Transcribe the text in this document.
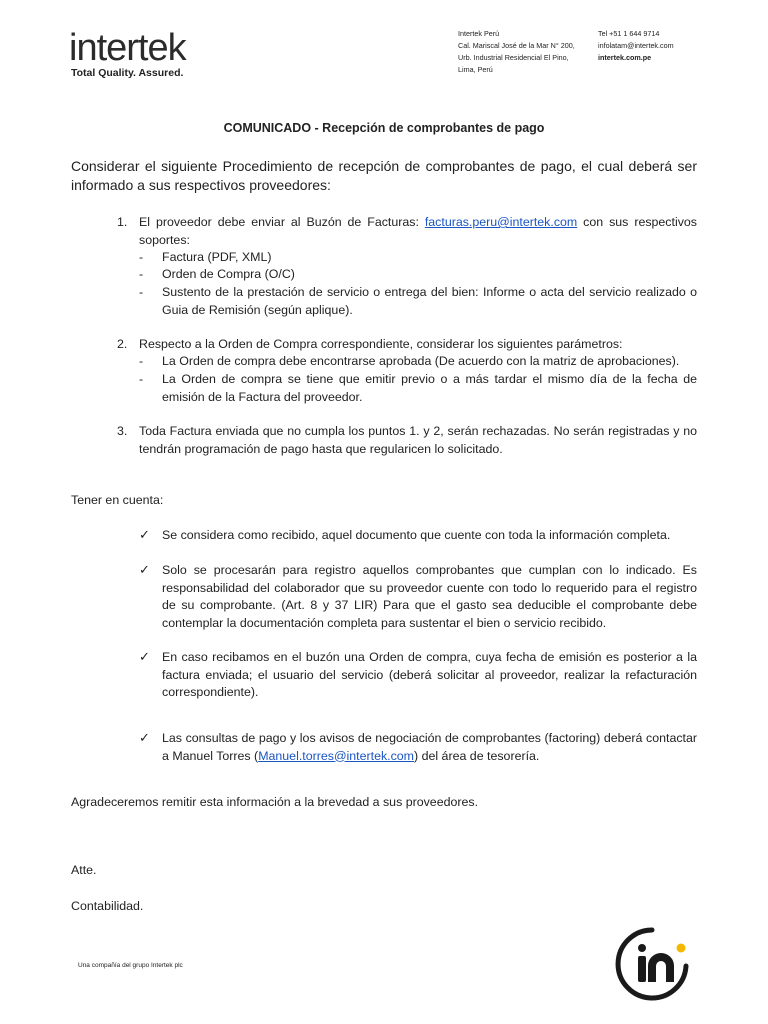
intertek
Total Quality. Assured.
Intertek Perú
Cal. Mariscal José de la Mar N° 200,
Urb. Industrial Residencial El Pino,
Lima, Perú
Tel +51 1 644 9714
infolatam@intertek.com
intertek.com.pe
COMUNICADO - Recepción de comprobantes de pago
Considerar el siguiente Procedimiento de recepción de comprobantes de pago, el cual deberá ser informado a sus respectivos proveedores:
1. El proveedor debe enviar al Buzón de Facturas: facturas.peru@intertek.com con sus respectivos soportes:
- Factura (PDF, XML)
- Orden de Compra (O/C)
- Sustento de la prestación de servicio o entrega del bien: Informe o acta del servicio realizado o Guia de Remisión (según aplique).
2. Respecto a la Orden de Compra correspondiente, considerar los siguientes parámetros:
- La Orden de compra debe encontrarse aprobada (De acuerdo con la matriz de aprobaciones).
- La Orden de compra se tiene que emitir previo o a más tardar el mismo día de la fecha de emisión de la Factura del proveedor.
3. Toda Factura enviada que no cumpla los puntos 1. y 2, serán rechazadas. No serán registradas y no tendrán programación de pago hasta que regularicen lo solicitado.
Tener en cuenta:
✓ Se considera como recibido, aquel documento que cuente con toda la información completa.
✓ Solo se procesarán para registro aquellos comprobantes que cumplan con lo indicado. Es responsabilidad del colaborador que su proveedor cuente con todo lo requerido para el registro de su comprobante. (Art. 8 y 37 LIR) Para que el gasto sea deducible el comprobante debe contemplar la documentación completa para sustentar el bien o servicio recibido.
✓ En caso recibamos en el buzón una Orden de compra, cuya fecha de emisión es posterior a la factura enviada; el usuario del servicio (deberá solicitar al proveedor, realizar la refacturación correspondiente).
✓ Las consultas de pago y los avisos de negociación de comprobantes (factoring) deberá contactar a Manuel Torres (Manuel.torres@intertek.com) del área de tesorería.
Agradeceremos remitir esta información a la brevedad a sus proveedores.
Atte.
Contabilidad.
Una compañía del grupo Intertek plc
